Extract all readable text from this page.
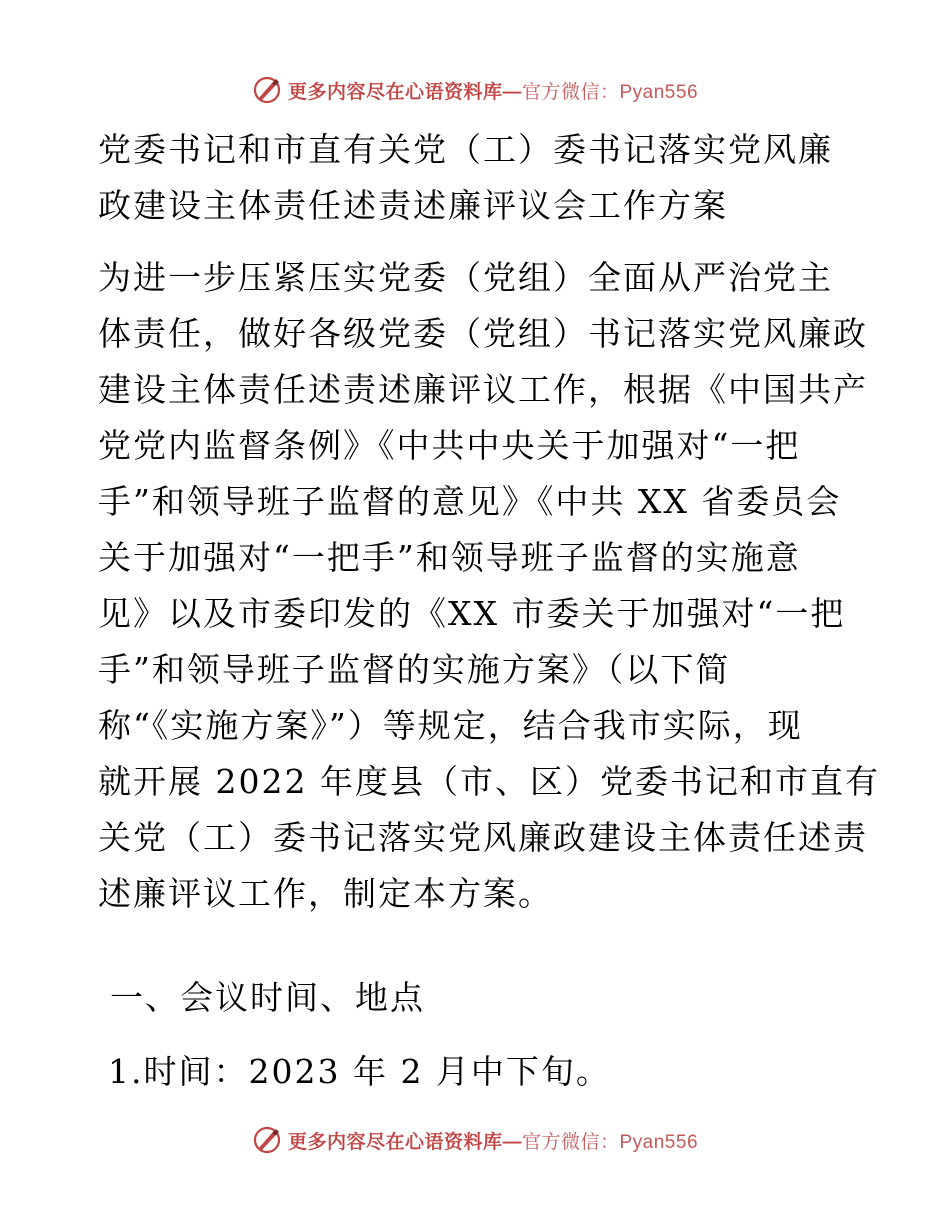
更多内容尽在心语资料库—官方微信：Pyan556
党委书记和市直有关党（工）委书记落实党风廉
政建设主体责任述责述廉评议会工作方案

为进一步压紧压实党委（党组）全面从严治党主
体责任，做好各级党委（党组）书记落实党风廉政
建设主体责任述责述廉评议工作，根据《中国共产
党党内监督条例》《中共中央关于加强对“一把
手”和领导班子监督的意见》《中共 XX 省委员会
关于加强对“一把手”和领导班子监督的实施意
见》以及市委印发的《XX 市委关于加强对“一把
手”和领导班子监督的实施方案》（以下简
称“《实施方案》”）等规定，结合我市实际，现
就开展 2022 年度县（市、区）党委书记和市直有
关党（工）委书记落实党风廉政建设主体责任述责
述廉评议工作，制定本方案。

一、会议时间、地点

1.时间：2023 年 2 月中下旬。

更多内容尽在心语资料库—官方微信：Pyan556
